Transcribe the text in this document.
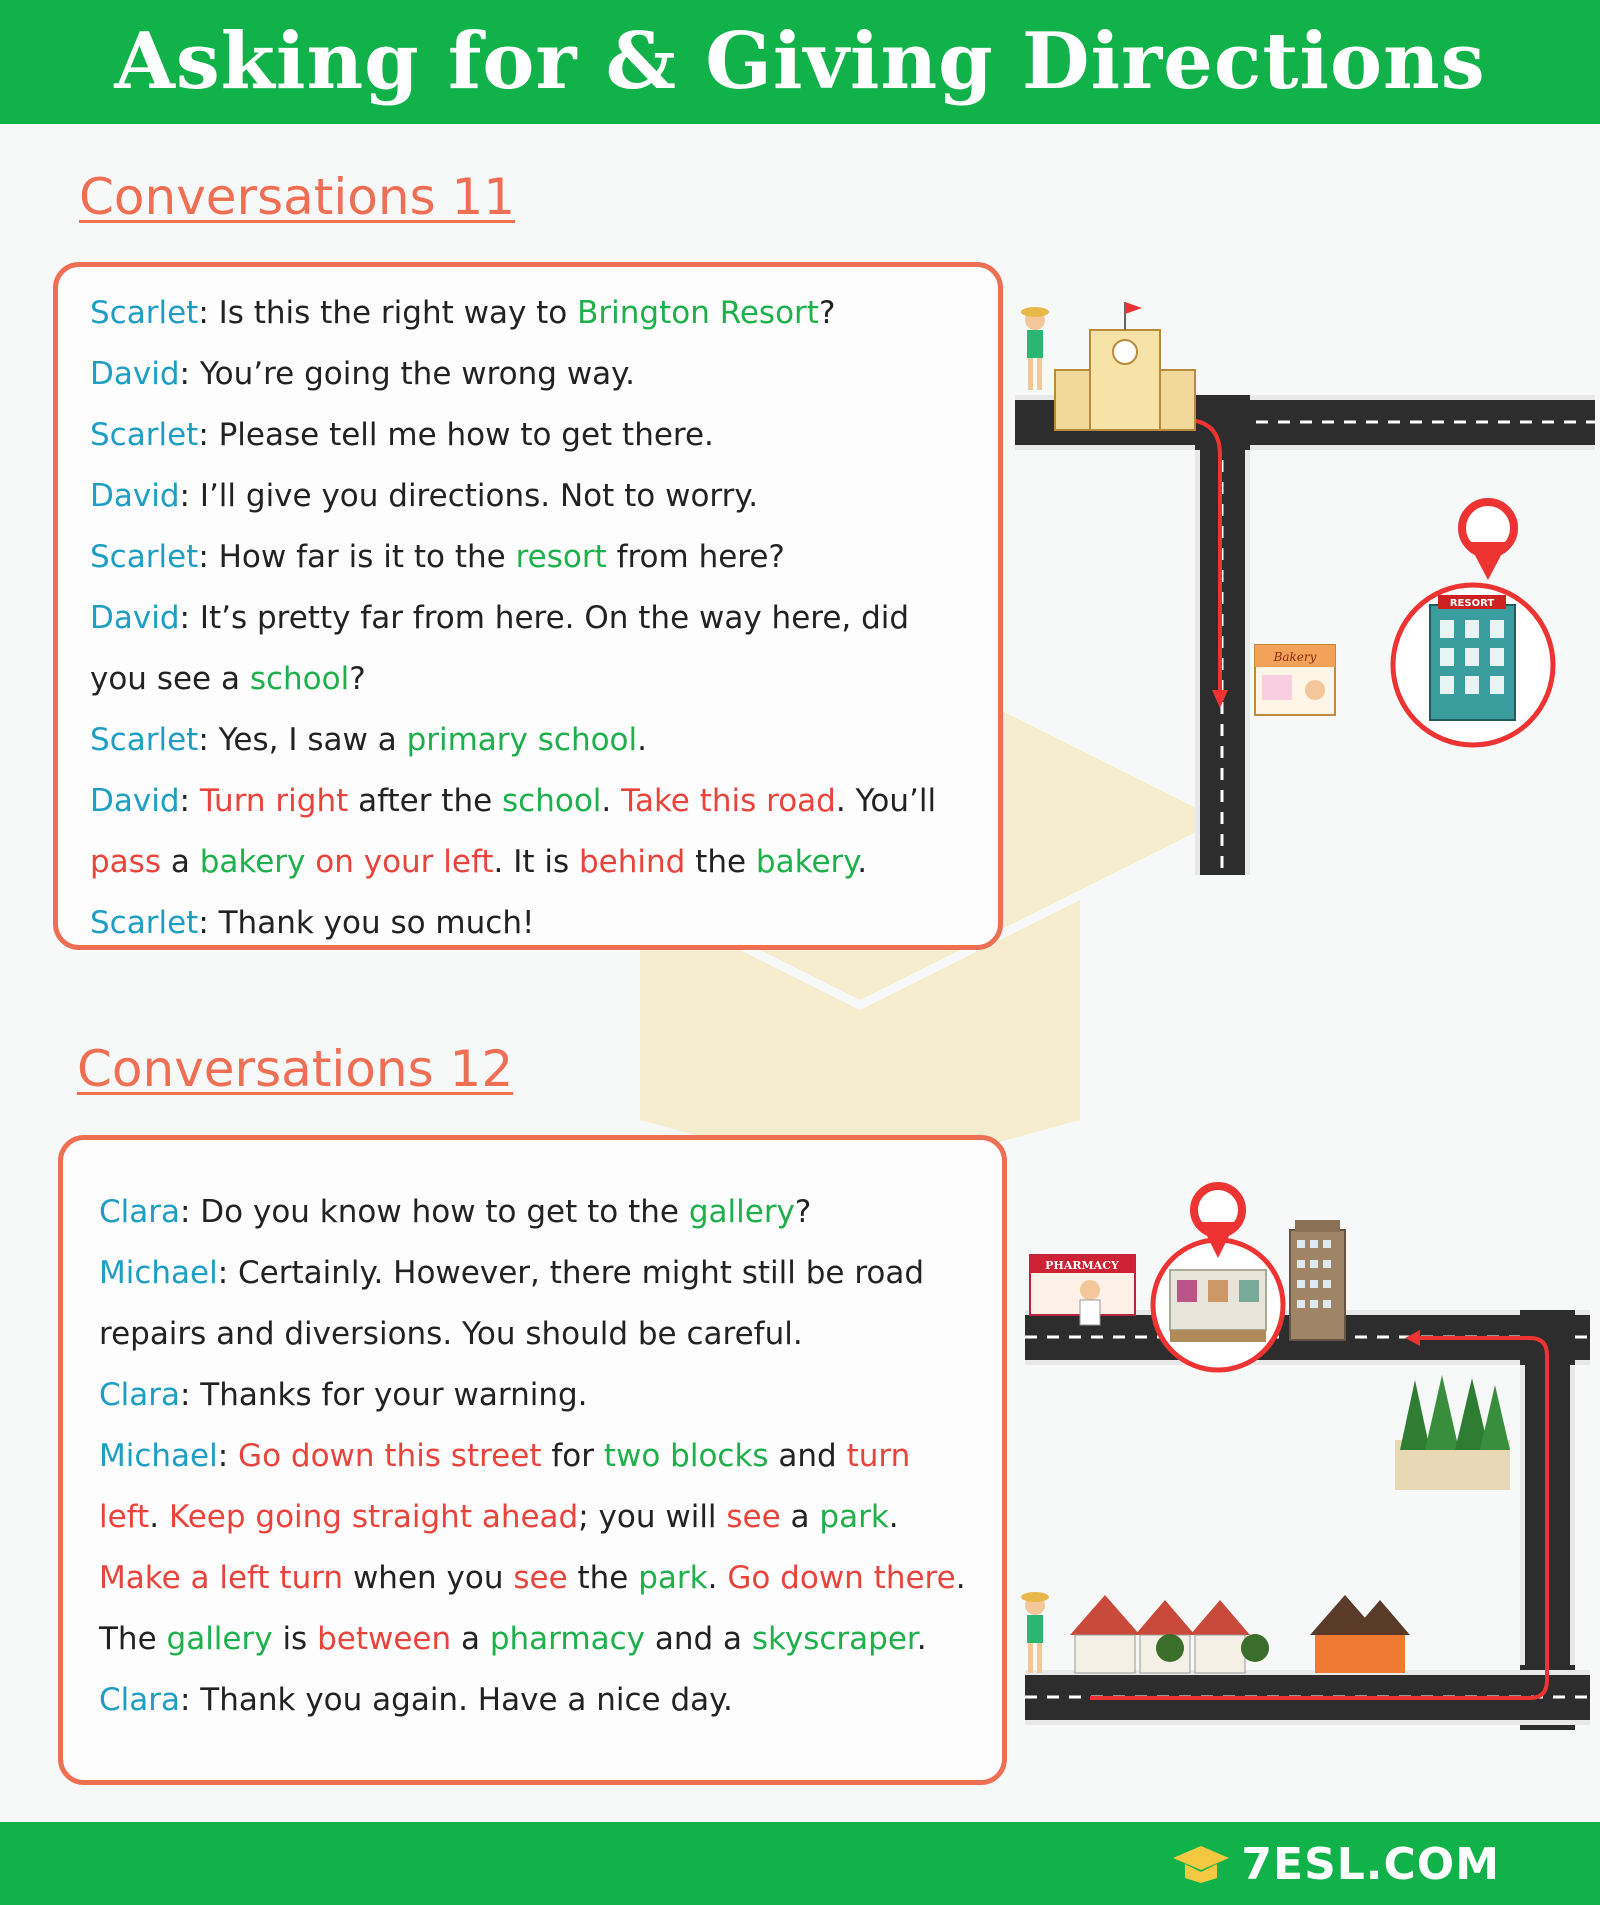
Asking for & Giving Directions
Conversations 11
Scarlet: Is this the right way to Brington Resort?
David: You’re going the wrong way.
Scarlet: Please tell me how to get there.
David: I’ll give you directions. Not to worry.
Scarlet: How far is it to the resort from here?
David: It’s pretty far from here. On the way here, did
you see a school?
Scarlet: Yes, I saw a primary school.
David: Turn right after the school. Take this road. You’ll
pass a bakery on your left. It is behind the bakery.
Scarlet: Thank you so much!
Conversations 12
Clara: Do you know how to get to the gallery?
Michael: Certainly. However, there might still be road
repairs and diversions. You should be careful.
Clara: Thanks for your warning.
Michael: Go down this street for two blocks and turn
left. Keep going straight ahead; you will see a park.
Make a left turn when you see the park. Go down there.
The gallery is between a pharmacy and a skyscraper.
Clara: Thank you again. Have a nice day.
Bakery
RESORT
PHARMACY
7ESL.COM
